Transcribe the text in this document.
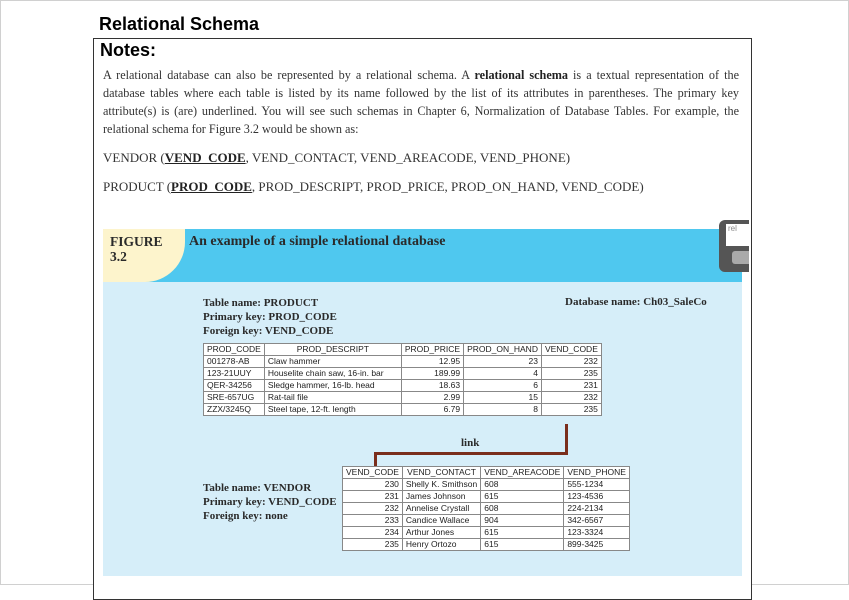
Relational Schema
Notes:
A relational database can also be represented by a relational schema. A relational schema is a textual representation of the database tables where each table is listed by its name followed by the list of its attributes in parentheses. The primary key attribute(s) is (are) underlined. You will see such schemas in Chapter 6, Normalization of Database Tables. For example, the relational schema for Figure 3.2 would be shown as:
VENDOR (VEND_CODE, VEND_CONTACT, VEND_AREACODE, VEND_PHONE)
PRODUCT (PROD_CODE, PROD_DESCRIPT, PROD_PRICE, PROD_ON_HAND, VEND_CODE)
FIGURE
3.2
An example of a simple relational database
rel
Table name: PRODUCT
Primary key: PROD_CODE
Foreign key: VEND_CODE
Database name: Ch03_SaleCo
PROD_CODE	PROD_DESCRIPT	PROD_PRICE	PROD_ON_HAND	VEND_CODE
001278-AB	Claw hammer	12.95	23	232
123-21UUY	Houselite chain saw, 16-in. bar	189.99	4	235
QER-34256	Sledge hammer, 16-lb. head	18.63	6	231
SRE-657UG	Rat-tail file	2.99	15	232
ZZX/3245Q	Steel tape, 12-ft. length	6.79	8	235
link
Table name: VENDOR
Primary key: VEND_CODE
Foreign key: none
VEND_CODE	VEND_CONTACT	VEND_AREACODE	VEND_PHONE
230	Shelly K. Smithson	608	555-1234
231	James Johnson	615	123-4536
232	Annelise Crystall	608	224-2134
233	Candice Wallace	904	342-6567
234	Arthur Jones	615	123-3324
235	Henry Ortozo	615	899-3425
